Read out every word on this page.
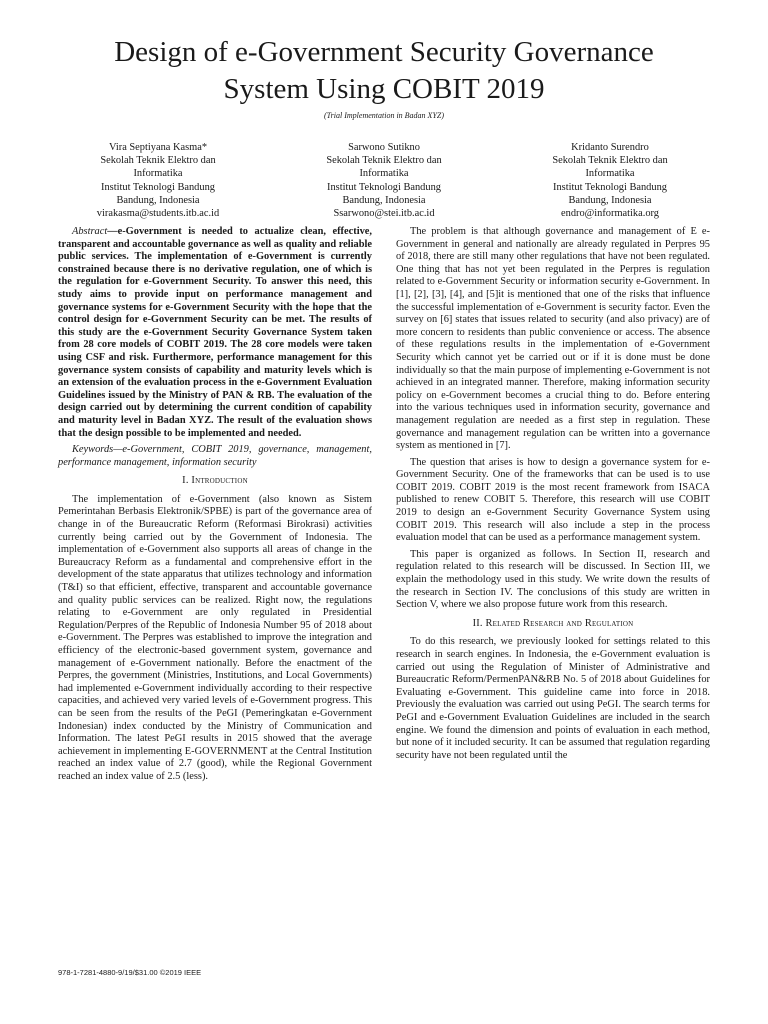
Design of e-Government Security Governance
System Using COBIT 2019
(Trial Implementation in Badan XYZ)
Vira Septiyana Kasma*
Sekolah Teknik Elektro dan
Informatika
Institut Teknologi Bandung
Bandung, Indonesia
virakasma@students.itb.ac.id
Sarwono Sutikno
Sekolah Teknik Elektro dan
Informatika
Institut Teknologi Bandung
Bandung, Indonesia
Ssarwono@stei.itb.ac.id
Kridanto Surendro
Sekolah Teknik Elektro dan
Informatika
Institut Teknologi Bandung
Bandung, Indonesia
endro@informatika.org

Abstract—e-Government is needed to actualize clean, effective, transparent and accountable governance as well as quality and reliable public services. The implementation of e-Government is currently constrained because there is no derivative regulation, one of which is the regulation for e-Government Security. To answer this need, this study aims to provide input on performance management and governance systems for e-Government Security with the hope that the control design for e-Government Security can be met. The results of this study are the e-Government Security Governance System taken from 28 core models of COBIT 2019. The 28 core models were taken using CSF and risk. Furthermore, performance management for this governance system consists of capability and maturity levels which is an extension of the evaluation process in the e-Government Evaluation Guidelines issued by the Ministry of PAN & RB. The evaluation of the design carried out by determining the current condition of capability and maturity level in Badan XYZ. The result of the evaluation shows that the design possible to be implemented and needed.

Keywords—e-Government, COBIT 2019, governance, management, performance management, information security

I. Introduction

The implementation of e-Government (also known as Sistem Pemerintahan Berbasis Elektronik/SPBE) is part of the governance area of change in of the Bureaucratic Reform (Reformasi Birokrasi) activities currently being carried out by the Government of Indonesia. The implementation of e-Government also supports all areas of change in the Bureaucracy Reform as a fundamental and comprehensive effort in the development of the state apparatus that utilizes technology and information (T&I) so that efficient, effective, transparent and accountable governance and quality public services can be realized. Right now, the regulations relating to e-Government are only regulated in Presidential Regulation/Perpres of the Republic of Indonesia Number 95 of 2018 about e-Government. The Perpres was established to improve the integration and efficiency of the electronic-based government system, governance and management of e-Government nationally. Before the enactment of the Perpres, the government (Ministries, Institutions, and Local Governments) had implemented e-Government individually according to their respective capacities, and achieved very varied levels of e-Government progress. This can be seen from the results of the PeGI (Pemeringkatan e-Government Indonesian) index conducted by the Ministry of Communication and Information. The latest PeGI results in 2015 showed that the average achievement in implementing E-GOVERNMENT at the Central Institution reached an index value of 2.7 (good), while the Regional Government reached an index value of 2.5 (less).

The problem is that although governance and management of E e-Government in general and nationally are already regulated in Perpres 95 of 2018, there are still many other regulations that have not been regulated. One thing that has not yet been regulated in the Perpres is regulation related to e-Government Security or information security e-Government. In [1], [2], [3], [4], and [5]it is mentioned that one of the risks that influence the successful implementation of e-Government is security factor. Even the survey on [6] states that issues related to security (and also privacy) are of more concern to residents than public convenience or access. The absence of these regulations results in the implementation of e-Government Security which cannot yet be carried out or if it is done must be done individually so that the main purpose of implementing e-Government is not achieved in an integrated manner. Therefore, making information security policy on e-Government becomes a crucial thing to do. Before entering into the various techniques used in information security, governance and management regulation are needed as a first step in regulation. These governance and management regulation can be written into a governance system as mentioned in [7].

The question that arises is how to design a governance system for e-Government Security. One of the frameworks that can be used is to use COBIT 2019. COBIT 2019 is the most recent framework from ISACA published to renew COBIT 5. Therefore, this research will use COBIT 2019 to design an e-Government Security Governance System using COBIT 2019. This research will also include a step in the process evaluation model that can be used as a performance management system.

This paper is organized as follows. In Section II, research and regulation related to this research will be discussed. In Section III, we explain the methodology used in this study. We write down the results of the research in Section IV. The conclusions of this study are written in Section V, where we also propose future work from this research.

II. Related Research and Regulation

To do this research, we previously looked for settings related to this research in search engines. In Indonesia, the e-Government evaluation is carried out using the Regulation of Minister of Administrative and Bureaucratic Reform/PermenPAN&RB No. 5 of 2018 about Guidelines for Evaluating e-Government. This guideline came into force in 2018. Previously the evaluation was carried out using PeGI. The search terms for PeGI and e-Government Evaluation Guidelines are included in the search engine. We found the dimension and points of evaluation in each method, but none of it included security. It can be assumed that regulation regarding security have not been regulated until the

978-1-7281-4880-9/19/$31.00 ©2019 IEEE
